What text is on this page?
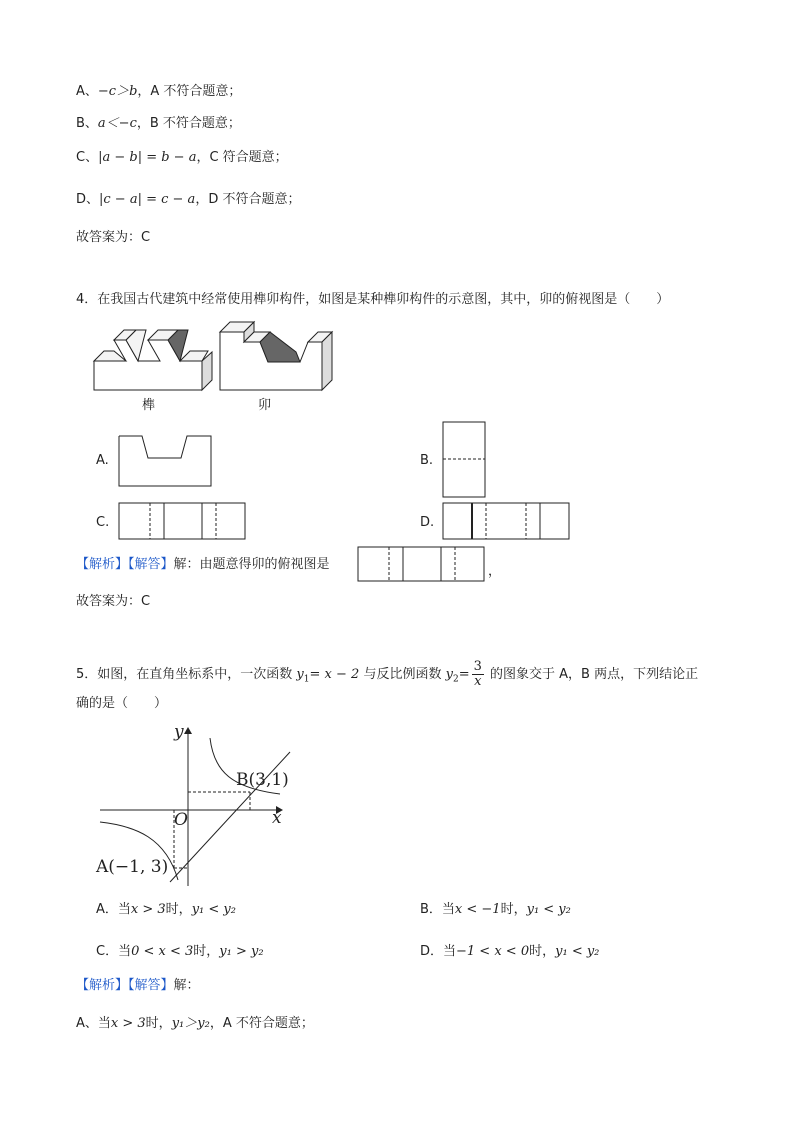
A、−c＞b，A 不符合题意；
B、a＜−c，B 不符合题意；
C、|a − b| = b − a，C 符合题意；
D、|c − a| = c − a，D 不符合题意；
故答案为：C
4．在我国古代建筑中经常使用榫卯构件，如图是某种榫卯构件的示意图，其中，卯的俯视图是（　　）
榫	卯
A.	B.
C.	D.
【解析】【解答】解：由题意得卯的俯视图是	，
故答案为：C
5．如图，在直角坐标系中，一次函数 $y_1= x - 2$ 与反比例函数 $y_2= \frac{3}{x}$ 的图象交于 A，B 两点，下列结论正
确的是（　　）
y
x
O
B(3,1)
A(−1, 3)
A．当x > 3时，y₁ < y₂	B．当x < −1时，y₁ < y₂
C．当0 < x < 3时，y₁ > y₂	D．当−1 < x < 0时，y₁ < y₂
【解析】【解答】解：
A、当x > 3时，y₁＞y₂，A 不符合题意；
